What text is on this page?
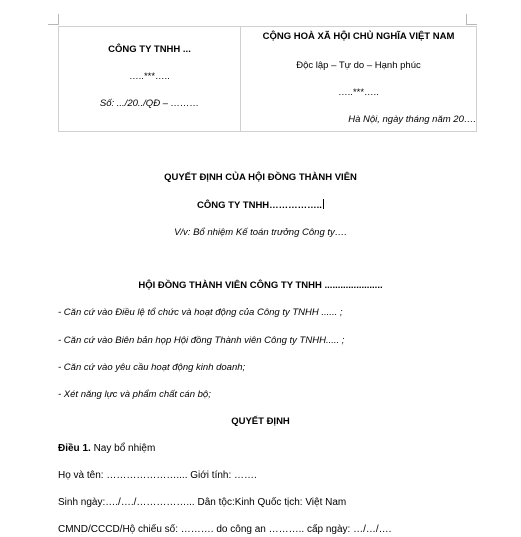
CÔNG TY TNHH ...
…..***…..
Số: .../20../QĐ – ………

CỘNG HOÀ XÃ HỘI CHỦ NGHĨA VIỆT NAM
Độc lập – Tự do – Hạnh phúc
…..***…..
Hà Nội, ngày tháng năm 20….
QUYẾT ĐỊNH CỦA HỘI ĐỒNG THÀNH VIÊN
CÔNG TY TNHH……………..
V/v: Bổ nhiệm Kế toán trưởng Công ty….
HỘI ĐỒNG THÀNH VIÊN CÔNG TY TNHH ......................
- Căn cứ vào Điều lệ tổ chức và hoạt động của Công ty TNHH ...... ;
- Căn cứ vào Biên bản họp Hội đồng Thành viên Công ty TNHH..... ;
- Căn cứ vào yêu cầu hoạt động kinh doanh;
- Xét năng lực và phẩm chất cán bộ;
QUYẾT ĐỊNH
Điều 1. Nay bổ nhiệm
Họ và tên: ………………….... Giới tính: …….
Sinh ngày:…./…./……………... Dân tộc:Kinh Quốc tịch: Việt Nam
CMND/CCCD/Hộ chiếu số: ………. do công an ……….. cấp ngày: …/…/….
